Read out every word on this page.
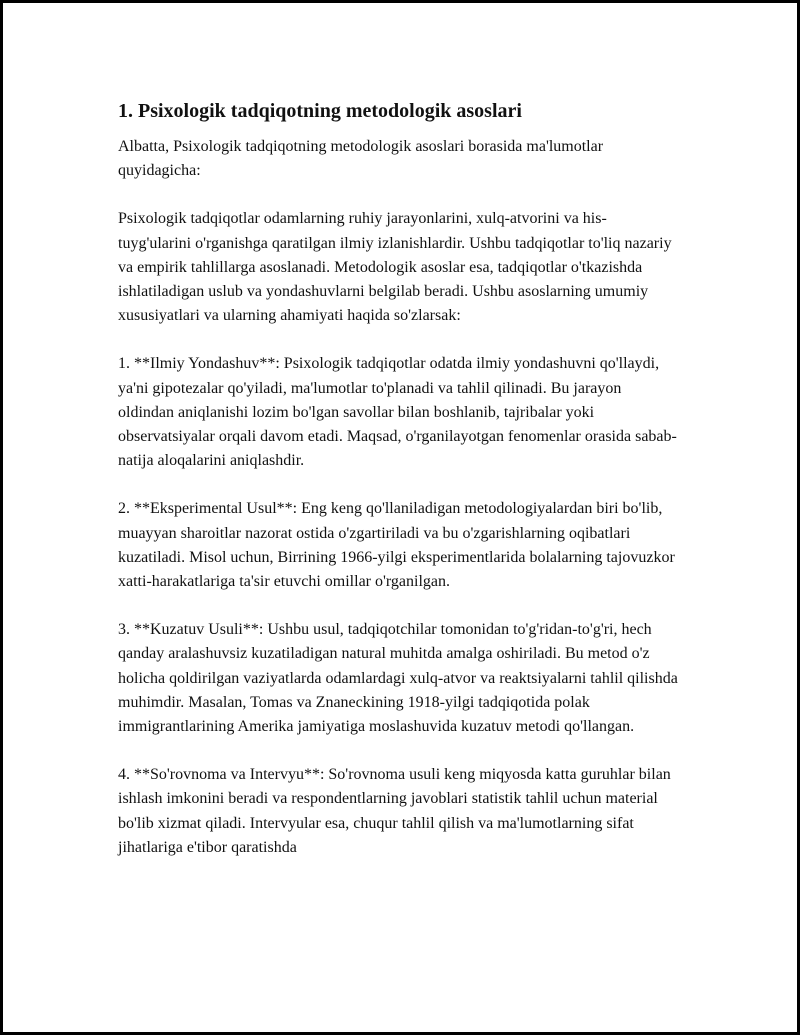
1. Psixologik tadqiqotning metodologik asoslari

Albatta, Psixologik tadqiqotning metodologik asoslari borasida ma'lumotlar quyidagicha:

Psixologik tadqiqotlar odamlarning ruhiy jarayonlarini, xulq-atvorini va his-tuyg'ularini o'rganishga qaratilgan ilmiy izlanishlardir. Ushbu tadqiqotlar to'liq nazariy va empirik tahlillarga asoslanadi. Metodologik asoslar esa, tadqiqotlar o'tkazishda ishlatiladigan uslub va yondashuvlarni belgilab beradi. Ushbu asoslarning umumiy xususiyatlari va ularning ahamiyati haqida so'zlarsak:

1. **Ilmiy Yondashuv**: Psixologik tadqiqotlar odatda ilmiy yondashuvni qo'llaydi, ya'ni gipotezalar qo'yiladi, ma'lumotlar to'planadi va tahlil qilinadi. Bu jarayon oldindan aniqlanishi lozim bo'lgan savollar bilan boshlanib, tajribalar yoki observatsiyalar orqali davom etadi. Maqsad, o'rganilayotgan fenomenlar orasida sabab-natija aloqalarini aniqlashdir.

2. **Eksperimental Usul**: Eng keng qo'llaniladigan metodologiyalardan biri bo'lib, muayyan sharoitlar nazorat ostida o'zgartiriladi va bu o'zgarishlarning oqibatlari kuzatiladi. Misol uchun, Birrining 1966-yilgi eksperimentlarida bolalarning tajovuzkor xatti-harakatlariga ta'sir etuvchi omillar o'rganilgan.

3. **Kuzatuv Usuli**: Ushbu usul, tadqiqotchilar tomonidan to'g'ridan-to'g'ri, hech qanday aralashuvsiz kuzatiladigan natural muhitda amalga oshiriladi. Bu metod o'z holicha qoldirilgan vaziyatlarda odamlardagi xulq-atvor va reaktsiyalarni tahlil qilishda muhimdir. Masalan, Tomas va Znaneckining 1918-yilgi tadqiqotida polak immigrantlarining Amerika jamiyatiga moslashuvida kuzatuv metodi qo'llangan.

4. **So'rovnoma va Intervyu**: So'rovnoma usuli keng miqyosda katta guruhlar bilan ishlash imkonini beradi va respondentlarning javoblari statistik tahlil uchun material bo'lib xizmat qiladi. Intervyular esa, chuqur tahlil qilish va ma'lumotlarning sifat jihatlariga e'tibor qaratishda
